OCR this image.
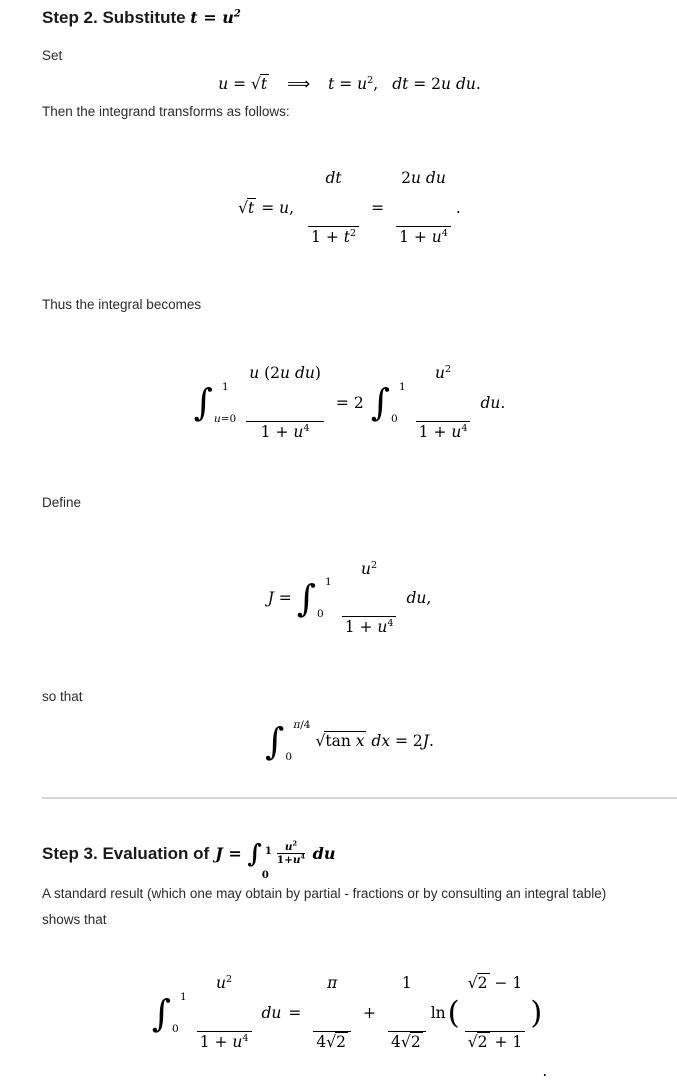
Step 2. Substitute $t = u^2$

Set

u = √t ⟹ $t = u^2$, dt = 2u du.

Then the integrand transforms as follows:

√t = u,

$\frac{dt}{1 + t^2}$

=

$\frac{\text{2u du}}{1 + u^4}$

.

Thus the integral becomes

∫ 1
u=0

$\frac{\text{u (2u du)}}{1 + u^4}$

= 2 ∫ 1
0

	$\frac{u^2}{1 + u^4}$

du.

Define

J = ∫ 1
0

	$\frac{u^2}{1 + u^4}$

du,

so that

∫ π/4
0
√tan x dx = 2J.
Step 3. Evaluation of J = ∫ 1
0
$\frac{u^2}{1+u^4}$ du

A standard result (which one may obtain by partial - fractions or by consulting an integral table)
shows that

∫ 1
0

	$\frac{u^2}{1 + u^4}$

du =

$\frac{\pi}{4√2}$

+

$\frac{1}{4√2}$

ln (

$\frac{√2 - 1}{√2 + 1}$

)
.
